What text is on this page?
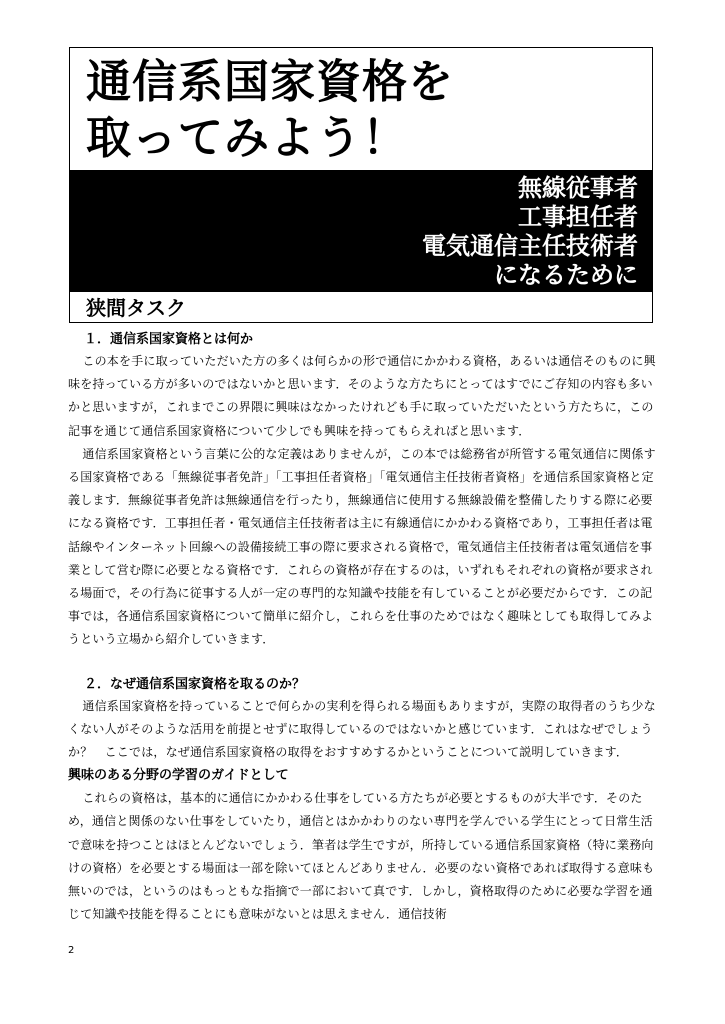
通信系国家資格を
取ってみよう！
無線従事者
工事担任者
電気通信主任技術者
になるために
狭間タスク
１．通信系国家資格とは何か

この本を手に取っていただいた方の多くは何らかの形で通信にかかわる資格，あるいは通信そのものに興味を持っている方が多いのではないかと思います．そのような方たちにとってはすでにご存知の内容も多いかと思いますが，これまでこの界隈に興味はなかったけれども手に取っていただいたという方たちに，この記事を通じて通信系国家資格について少しでも興味を持ってもらえればと思います．

通信系国家資格という言葉に公的な定義はありませんが，この本では総務省が所管する電気通信に関係する国家資格である「無線従事者免許」「工事担任者資格」「電気通信主任技術者資格」を通信系国家資格と定義します．無線従事者免許は無線通信を行ったり，無線通信に使用する無線設備を整備したりする際に必要になる資格です．工事担任者・電気通信主任技術者は主に有線通信にかかわる資格であり，工事担任者は電話線やインターネット回線への設備接続工事の際に要求される資格で，電気通信主任技術者は電気通信を事業として営む際に必要となる資格です．これらの資格が存在するのは，いずれもそれぞれの資格が要求される場面で，その行為に従事する人が一定の専門的な知識や技能を有していることが必要だからです．この記事では，各通信系国家資格について簡単に紹介し，これらを仕事のためではなく趣味としても取得してみようという立場から紹介していきます．

２．なぜ通信系国家資格を取るのか？

通信系国家資格を持っていることで何らかの実利を得られる場面もありますが，実際の取得者のうち少なくない人がそのような活用を前提とせずに取得しているのではないかと感じています．これはなぜでしょうか？　ここでは，なぜ通信系国家資格の取得をおすすめするかということについて説明していきます．

興味のある分野の学習のガイドとして

これらの資格は，基本的に通信にかかわる仕事をしている方たちが必要とするものが大半です．そのため，通信と関係のない仕事をしていたり，通信とはかかわりのない専門を学んでいる学生にとって日常生活で意味を持つことはほとんどないでしょう．筆者は学生ですが，所持している通信系国家資格（特に業務向けの資格）を必要とする場面は一部を除いてほとんどありません．必要のない資格であれば取得する意味も無いのでは，というのはもっともな指摘で一部において真です．しかし，資格取得のために必要な学習を通じて知識や技能を得ることにも意味がないとは思えません．通信技術

2
